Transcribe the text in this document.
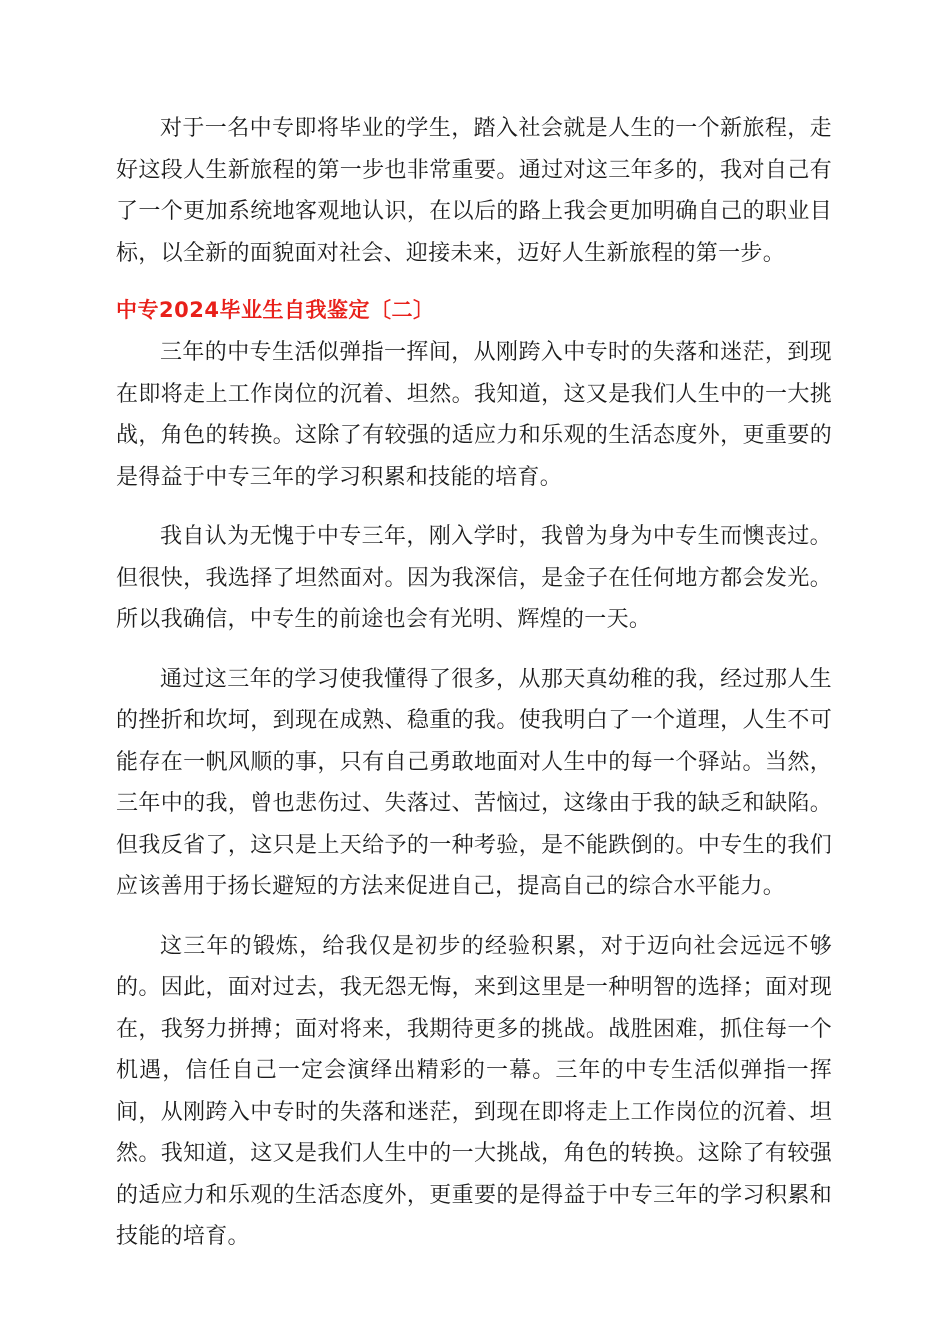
对于一名中专即将毕业的学生，踏入社会就是人生的一个新旅程，走好这段人生新旅程的第一步也非常重要。通过对这三年多的，我对自己有了一个更加系统地客观地认识，在以后的路上我会更加明确自己的职业目标，以全新的面貌面对社会、迎接未来，迈好人生新旅程的第一步。

中专2024毕业生自我鉴定〔二〕

三年的中专生活似弹指一挥间，从刚跨入中专时的失落和迷茫，到现在即将走上工作岗位的沉着、坦然。我知道，这又是我们人生中的一大挑战，角色的转换。这除了有较强的适应力和乐观的生活态度外，更重要的是得益于中专三年的学习积累和技能的培育。

我自认为无愧于中专三年，刚入学时，我曾为身为中专生而懊丧过。但很快，我选择了坦然面对。因为我深信，是金子在任何地方都会发光。所以我确信，中专生的前途也会有光明、辉煌的一天。

通过这三年的学习使我懂得了很多，从那天真幼稚的我，经过那人生的挫折和坎坷，到现在成熟、稳重的我。使我明白了一个道理，人生不可能存在一帆风顺的事，只有自己勇敢地面对人生中的每一个驿站。当然，三年中的我，曾也悲伤过、失落过、苦恼过，这缘由于我的缺乏和缺陷。但我反省了，这只是上天给予的一种考验，是不能跌倒的。中专生的我们应该善用于扬长避短的方法来促进自己，提高自己的综合水平能力。

这三年的锻炼，给我仅是初步的经验积累，对于迈向社会远远不够的。因此，面对过去，我无怨无悔，来到这里是一种明智的选择；面对现在，我努力拼搏；面对将来，我期待更多的挑战。战胜困难，抓住每一个机遇，信任自己一定会演绎出精彩的一幕。三年的中专生活似弹指一挥间，从刚跨入中专时的失落和迷茫，到现在即将走上工作岗位的沉着、坦然。我知道，这又是我们人生中的一大挑战，角色的转换。这除了有较强的适应力和乐观的生活态度外，更重要的是得益于中专三年的学习积累和技能的培育。
